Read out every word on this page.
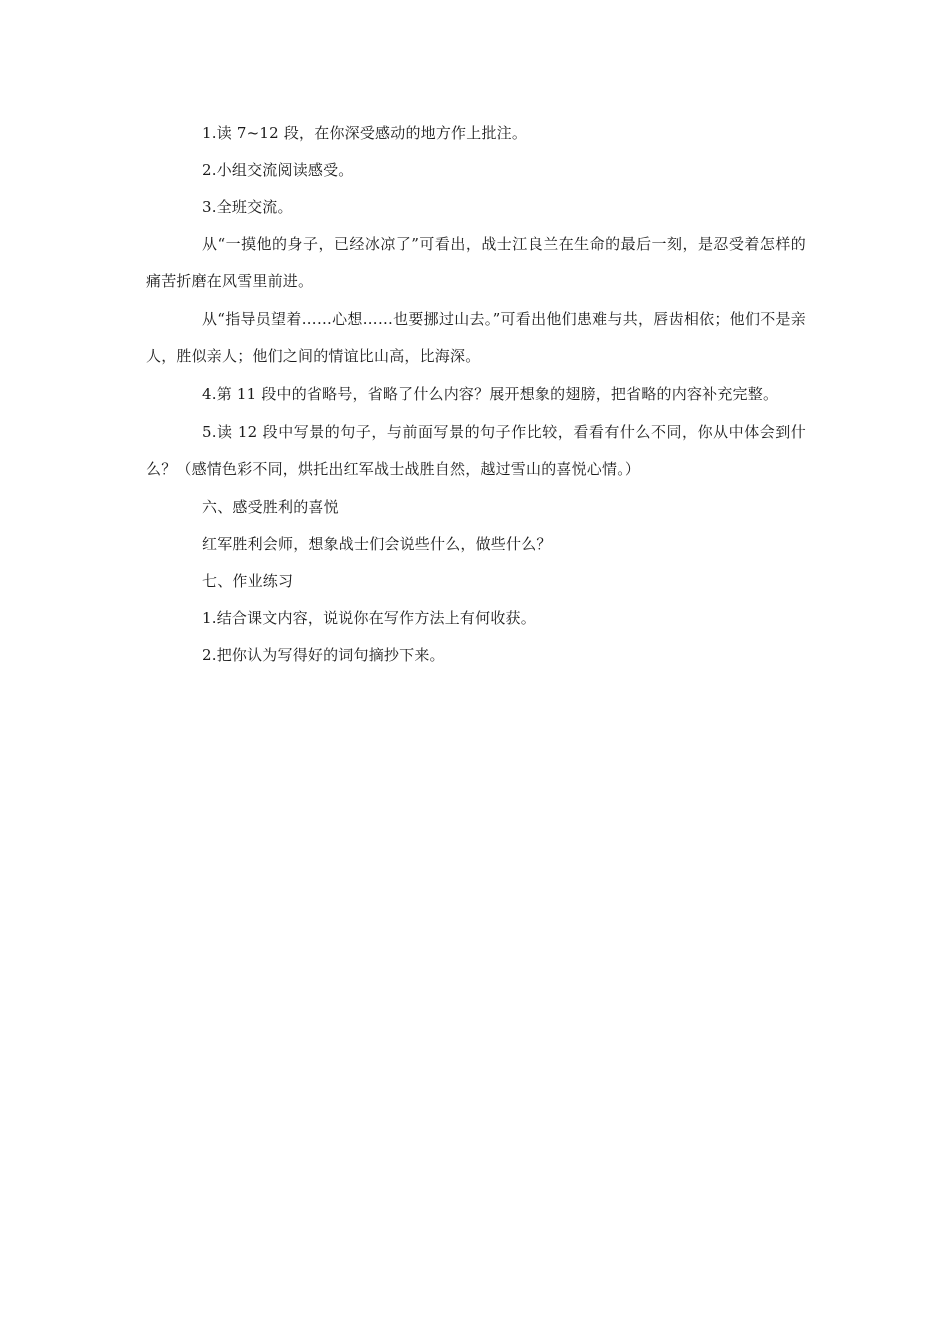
1.读 7~12 段，在你深受感动的地方作上批注。

2.小组交流阅读感受。

3.全班交流。

从“一摸他的身子，已经冰凉了”可看出，战士江良兰在生命的最后一刻，是忍受着怎样的痛苦折磨在风雪里前进。

从“指导员望着……心想……也要挪过山去。”可看出他们患难与共，唇齿相依；他们不是亲人，胜似亲人；他们之间的情谊比山高，比海深。

4.第 11 段中的省略号，省略了什么内容？展开想象的翅膀，把省略的内容补充完整。

5.读 12 段中写景的句子，与前面写景的句子作比较，看看有什么不同，你从中体会到什么？（感情色彩不同，烘托出红军战士战胜自然，越过雪山的喜悦心情。）

六、感受胜利的喜悦

红军胜利会师，想象战士们会说些什么，做些什么？

七、作业练习

1.结合课文内容，说说你在写作方法上有何收获。

2.把你认为写得好的词句摘抄下来。
